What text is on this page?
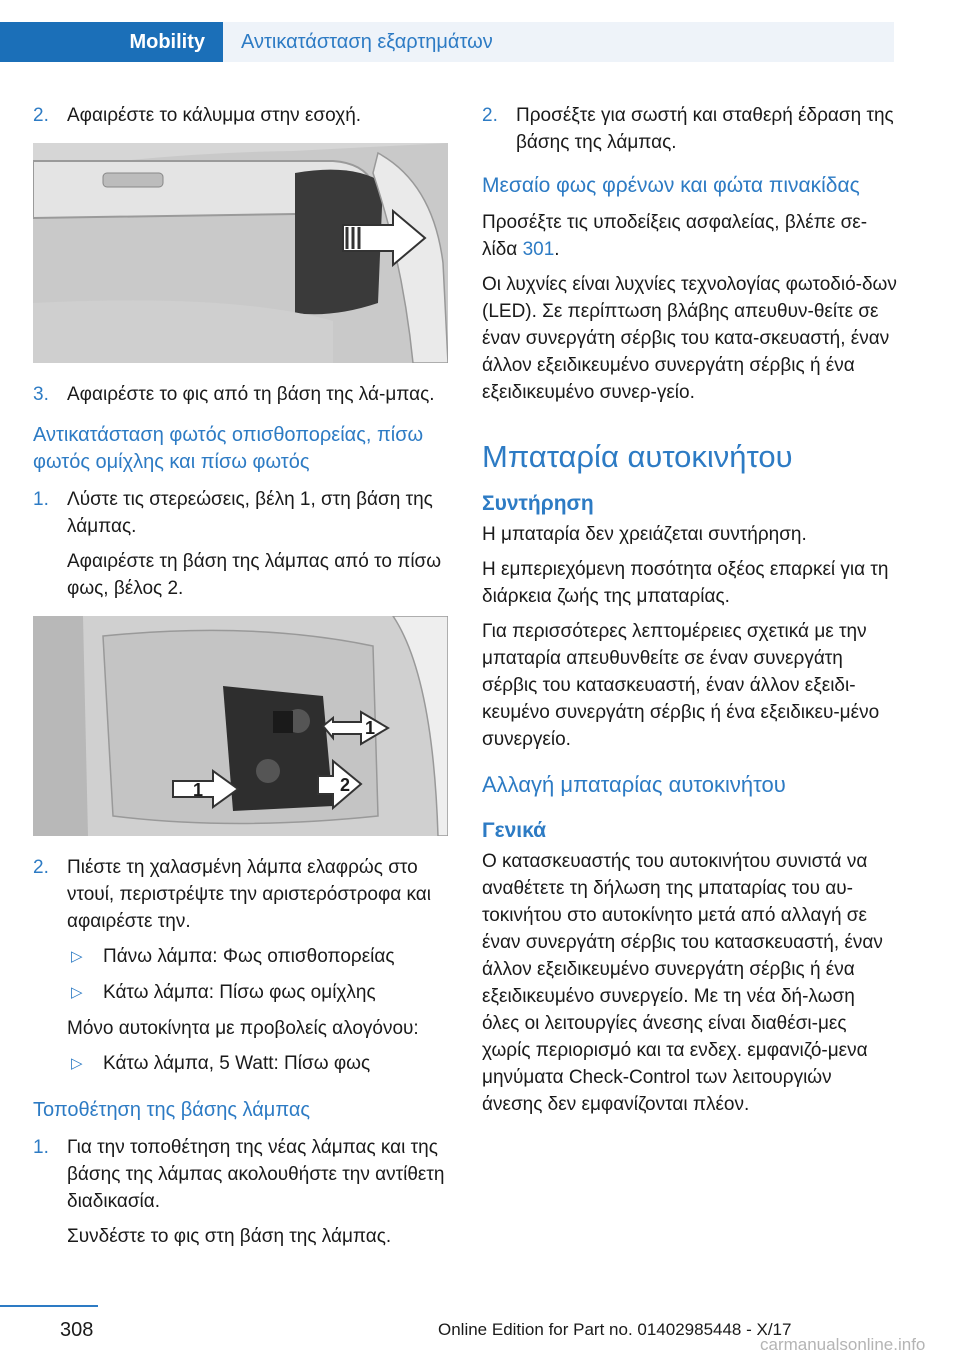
Mobility	Αντικατάσταση εξαρτημάτων
2. Αφαιρέστε το κάλυμμα στην εσοχή.
3. Αφαιρέστε το φις από τη βάση της λά-μπας.
Αντικατάσταση φωτός οπισθοπορείας, πίσω φωτός ομίχλης και πίσω φωτός
1. Λύστε τις στερεώσεις, βέλη 1, στη βάση της λάμπας.
Αφαιρέστε τη βάση της λάμπας από το πίσω φως, βέλος 2.
1
1	2
2. Πιέστε τη χαλασμένη λάμπα ελαφρώς στο ντουί, περιστρέψτε την αριστερόστροφα και αφαιρέστε την.
▷ Πάνω λάμπα: Φως οπισθοπορείας
▷ Κάτω λάμπα: Πίσω φως ομίχλης
Μόνο αυτοκίνητα με προβολείς αλογόνου:
▷ Κάτω λάμπα, 5 Watt: Πίσω φως
Τοποθέτηση της βάσης λάμπας
1. Για την τοποθέτηση της νέας λάμπας και της βάσης της λάμπας ακολουθήστε την αντίθετη διαδικασία.
Συνδέστε το φις στη βάση της λάμπας.
2. Προσέξτε για σωστή και σταθερή έδραση της βάσης της λάμπας.
Μεσαίο φως φρένων και φώτα πινακίδας

Προσέξτε τις υποδείξεις ασφαλείας, βλέπε σε-λίδα 301.

Οι λυχνίες είναι λυχνίες τεχνολογίας φωτοδιό-δων (LED). Σε περίπτωση βλάβης απευθυν-θείτε σε έναν συνεργάτη σέρβις του κατα-σκευαστή, έναν άλλον εξειδικευμένο συνεργάτη σέρβις ή ένα εξειδικευμένο συνερ-γείο.

Μπαταρία αυτοκινήτου
Συντήρηση

Η μπαταρία δεν χρειάζεται συντήρηση.

Η εμπεριεχόμενη ποσότητα οξέος επαρκεί για τη διάρκεια ζωής της μπαταρίας.

Για περισσότερες λεπτομέρειες σχετικά με την μπαταρία απευθυνθείτε σε έναν συνεργάτη σέρβις του κατασκευαστή, έναν άλλον εξειδι-κευμένο συνεργάτη σέρβις ή ένα εξειδικευ-μένο συνεργείο.

Αλλαγή μπαταρίας αυτοκινήτου
Γενικά

Ο κατασκευαστής του αυτοκινήτου συνιστά να αναθέτετε τη δήλωση της μπαταρίας του αυ-τοκινήτου στο αυτοκίνητο μετά από αλλαγή σε έναν συνεργάτη σέρβις του κατασκευαστή, έναν άλλον εξειδικευμένο συνεργάτη σέρβις ή ένα εξειδικευμένο συνεργείο. Με τη νέα δή-λωση όλες οι λειτουργίες άνεσης είναι διαθέσι-μες χωρίς περιορισμό και τα ενδεχ. εμφανιζό-μενα μηνύματα Check-Control των λειτουργιών άνεσης δεν εμφανίζονται πλέον.

308	Online Edition for Part no. 01402985448 - X/17
carmanualsonline.info
